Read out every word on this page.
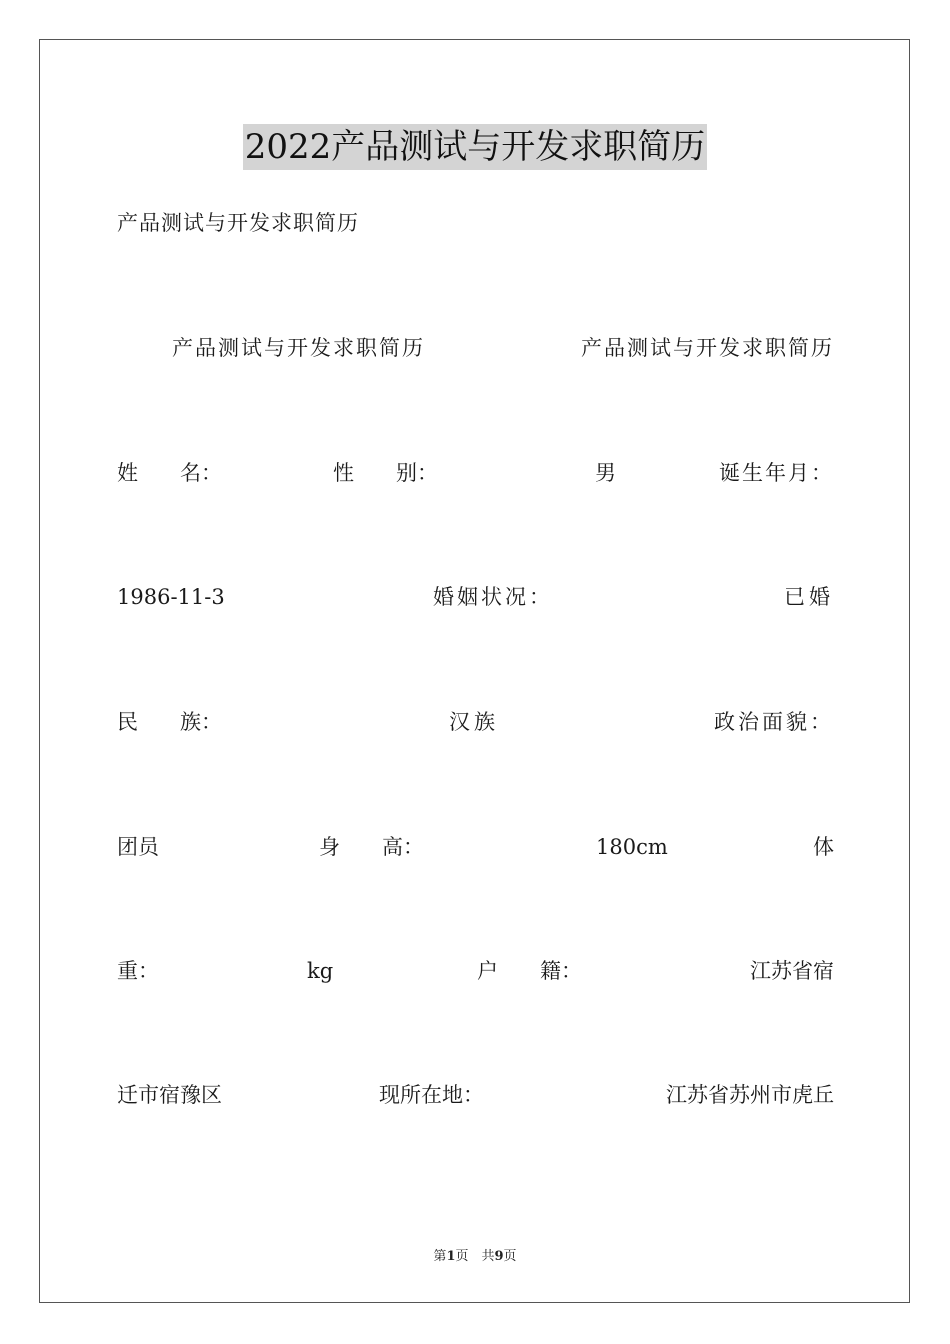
2022产品测试与开发求职简历
产品测试与开发求职简历
产品测试与开发求职简历	产品测试与开发求职简历
姓　　名：	性　　别：	男	诞生年月：
1986-11-3	婚姻状况：	已婚
民　　族：	汉族	政治面貌：
团员	身　　高：	180cm	体
重：	kg	户　　籍：	江苏省宿
迁市宿豫区	现所在地：	江苏省苏州市虎丘
第1页　共9页
